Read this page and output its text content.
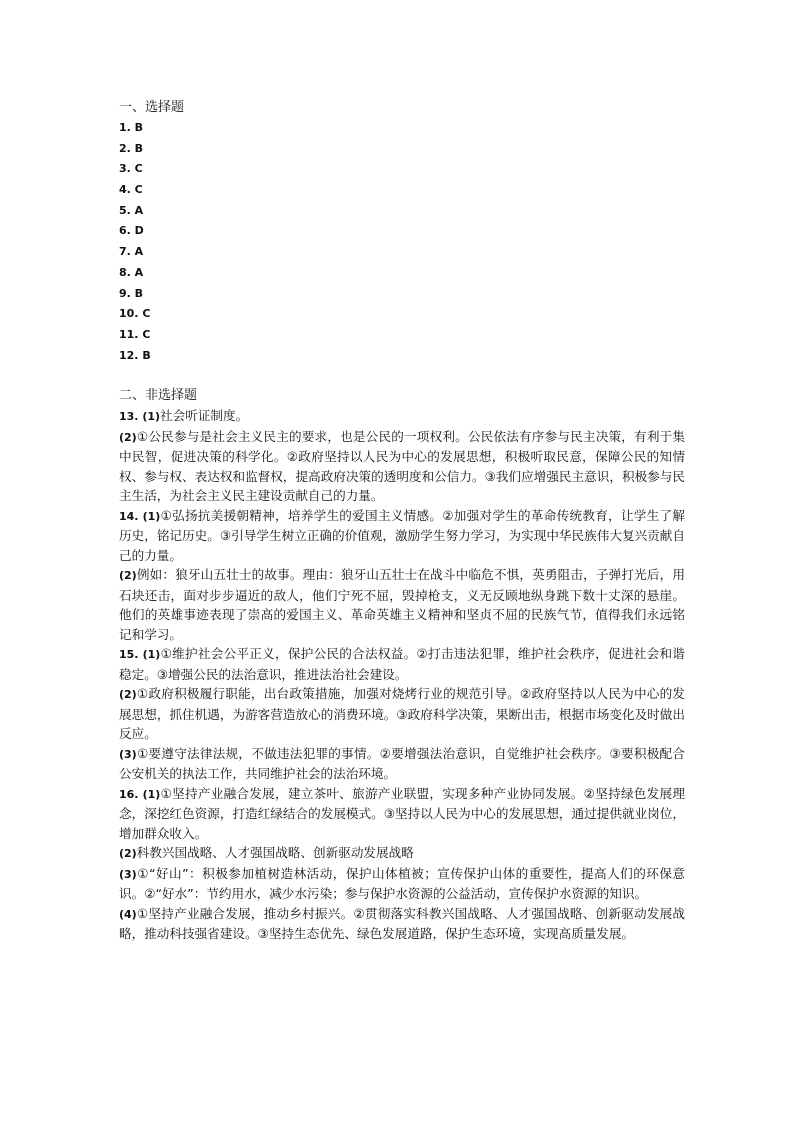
一、选择题

1. B
2. B
3. C
4. C
5. A
6. D
7. A
8. A
9. B
10. C
11. C
12. B

二、非选择题

13. (1)社会听证制度。

(2)①公民参与是社会主义民主的要求，也是公民的一项权利。公民依法有序参与民主决策，有利于集中民智，促进决策的科学化。②政府坚持以人民为中心的发展思想，积极听取民意，保障公民的知情权、参与权、表达权和监督权，提高政府决策的透明度和公信力。③我们应增强民主意识，积极参与民主生活，为社会主义民主建设贡献自己的力量。

14. (1)①弘扬抗美援朝精神，培养学生的爱国主义情感。②加强对学生的革命传统教育，让学生了解历史，铭记历史。③引导学生树立正确的价值观，激励学生努力学习，为实现中华民族伟大复兴贡献自己的力量。

(2)例如：狼牙山五壮士的故事。理由：狼牙山五壮士在战斗中临危不惧，英勇阻击，子弹打光后，用石块还击，面对步步逼近的敌人，他们宁死不屈，毁掉枪支，义无反顾地纵身跳下数十丈深的悬崖。他们的英雄事迹表现了崇高的爱国主义、革命英雄主义精神和坚贞不屈的民族气节，值得我们永远铭记和学习。

15. (1)①维护社会公平正义，保护公民的合法权益。②打击违法犯罪，维护社会秩序，促进社会和谐稳定。③增强公民的法治意识，推进法治社会建设。

(2)①政府积极履行职能，出台政策措施，加强对烧烤行业的规范引导。②政府坚持以人民为中心的发展思想，抓住机遇，为游客营造放心的消费环境。③政府科学决策，果断出击，根据市场变化及时做出反应。

(3)①要遵守法律法规，不做违法犯罪的事情。②要增强法治意识，自觉维护社会秩序。③要积极配合公安机关的执法工作，共同维护社会的法治环境。

16. (1)①坚持产业融合发展，建立茶叶、旅游产业联盟，实现多种产业协同发展。②坚持绿色发展理念，深挖红色资源，打造红绿结合的发展模式。③坚持以人民为中心的发展思想，通过提供就业岗位，增加群众收入。

(2)科教兴国战略、人才强国战略、创新驱动发展战略

(3)①“好山”：积极参加植树造林活动，保护山体植被；宣传保护山体的重要性，提高人们的环保意识。②“好水”：节约用水，减少水污染；参与保护水资源的公益活动，宣传保护水资源的知识。

(4)①坚持产业融合发展，推动乡村振兴。②贯彻落实科教兴国战略、人才强国战略、创新驱动发展战略，推动科技强省建设。③坚持生态优先、绿色发展道路，保护生态环境，实现高质量发展。
